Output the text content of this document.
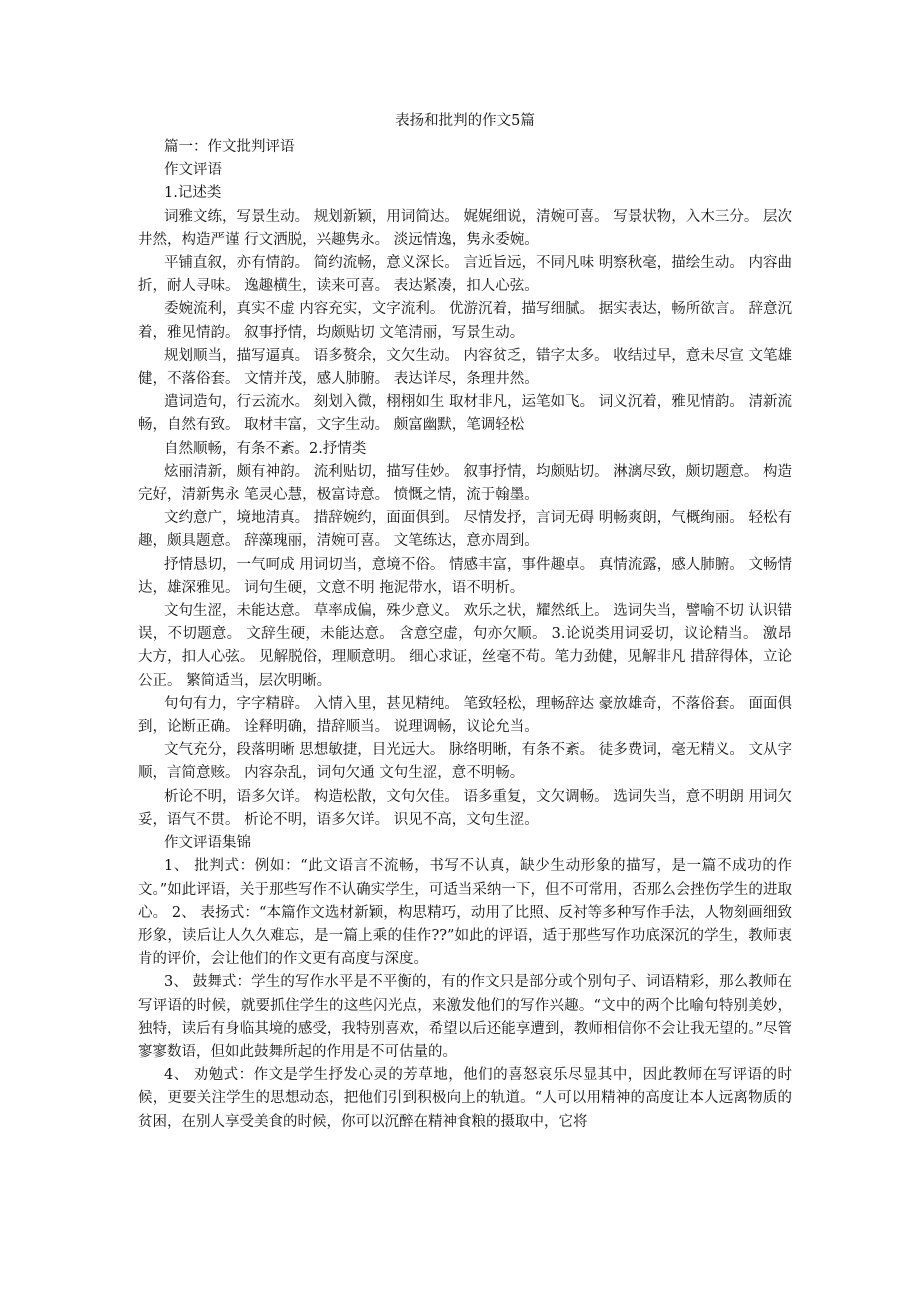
表扬和批判的作文5篇

篇一：作文批判评语

作文评语

1.记述类

词雅文练，写景生动。 规划新颖，用词简达。 娓娓细说，清婉可喜。 写景状物，入木三分。 层次井然，构造严谨 行文洒脱，兴趣隽永。 淡远情逸，隽永委婉。

平铺直叙，亦有情韵。 简约流畅，意义深长。 言近旨远，不同凡味 明察秋毫，描绘生动。 内容曲折，耐人寻味。 逸趣横生，读来可喜。 表达紧凑，扣人心弦。

委婉流利，真实不虚 内容充实，文字流利。 优游沉着，描写细腻。 据实表达，畅所欲言。 辞意沉着，雅见情韵。 叙事抒情，均颇贴切 文笔清丽，写景生动。

规划顺当，描写逼真。 语多赘余，文欠生动。 内容贫乏，错字太多。 收结过早，意未尽宣 文笔雄健，不落俗套。 文情并茂，感人肺腑。 表达详尽，条理井然。

遣词造句，行云流水。 刻划入微，栩栩如生 取材非凡，运笔如飞。 词义沉着，雅见情韵。 清新流畅，自然有致。 取材丰富，文字生动。 颇富幽默，笔调轻松

自然顺畅，有条不紊。2.抒情类

炫丽清新，颇有神韵。 流利贴切，描写佳妙。 叙事抒情，均颇贴切。 淋漓尽致，颇切题意。 构造完好，清新隽永 笔灵心慧，极富诗意。 愤慨之情，流于翰墨。

文约意广，境地清真。 措辞婉约，面面俱到。 尽情发抒，言词无碍 明畅爽朗，气概绚丽。 轻松有趣，颇具题意。 辞藻瑰丽，清婉可喜。 文笔练达，意亦周到。

抒情恳切，一气呵成 用词切当，意境不俗。 情感丰富，事件趣卓。 真情流露，感人肺腑。 文畅情达，雄深雅见。 词句生硬，文意不明 拖泥带水，语不明析。

文句生涩，未能达意。 草率成偏，殊少意义。 欢乐之状，耀然纸上。 选词失当，譬喻不切 认识错误，不切题意。 文辞生硬，未能达意。 含意空虚，句亦欠顺。 3.论说类用词妥切，议论精当。 激昂大方，扣人心弦。 见解脱俗，理顺意明。 细心求证，丝毫不苟。笔力劲健，见解非凡 措辞得体，立论公正。 繁简适当，层次明晰。

句句有力，字字精辟。 入情入里，甚见精纯。 笔致轻松，理畅辞达 豪放雄奇，不落俗套。 面面俱到，论断正确。 诠释明确，措辞顺当。 说理调畅，议论允当。

文气充分，段落明晰 思想敏捷，目光远大。 脉络明晰，有条不紊。 徒多费词，毫无精义。 文从字顺，言简意赅。 内容杂乱，词句欠通 文句生涩，意不明畅。

析论不明，语多欠详。 构造松散，文句欠佳。 语多重复，文欠调畅。 选词失当，意不明朗 用词欠妥，语气不贯。 析论不明，语多欠详。 识见不高，文句生涩。

作文评语集锦

1、 批判式：例如：“此文语言不流畅，书写不认真，缺少生动形象的描写，是一篇不成功的作文。”如此评语，关于那些写作不认确实学生，可适当采纳一下，但不可常用，否那么会挫伤学生的进取心。 2、 表扬式：“本篇作文选材新颖，构思精巧，动用了比照、反衬等多种写作手法，人物刻画细致形象，读后让人久久难忘，是一篇上乘的佳作??”如此的评语，适于那些写作功底深沉的学生，教师衷肯的评价，会让他们的作文更有高度与深度。

3、 鼓舞式：学生的写作水平是不平衡的，有的作文只是部分或个别句子、词语精彩，那么教师在写评语的时候，就要抓住学生的这些闪光点，来激发他们的写作兴趣。“文中的两个比喻句特别美妙，独特，读后有身临其境的感受，我特别喜欢，希望以后还能享遭到，教师相信你不会让我无望的。”尽管寥寥数语，但如此鼓舞所起的作用是不可估量的。

4、 劝勉式：作文是学生抒发心灵的芳草地，他们的喜怒哀乐尽显其中，因此教师在写评语的时候，更要关注学生的思想动态，把他们引到积极向上的轨道。“人可以用精神的高度让本人远离物质的贫困，在别人享受美食的时候，你可以沉醉在精神食粮的摄取中，它将
